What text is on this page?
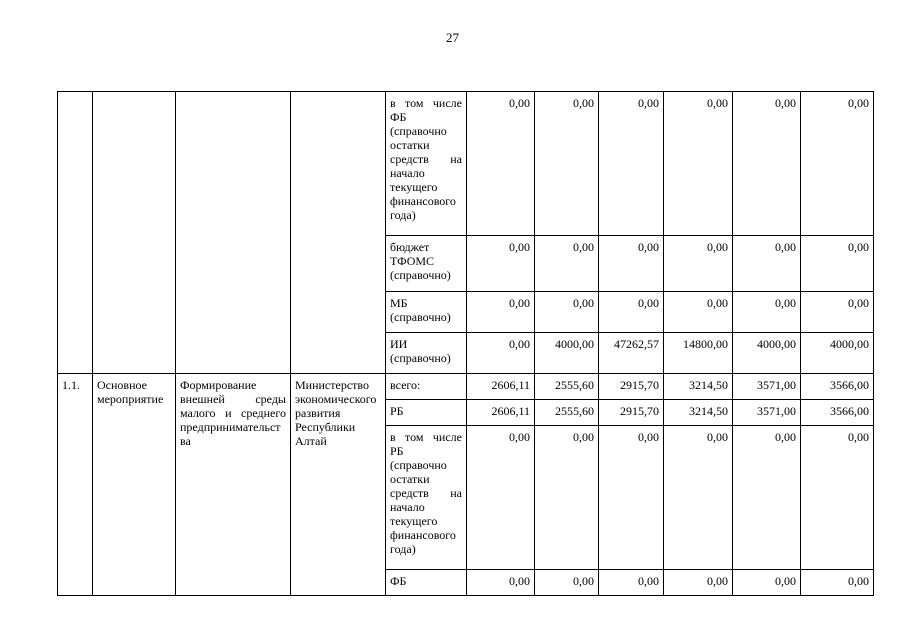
27
				в том числе ФБ (справочно остатки средств на начало текущего финансового года)	0,00	0,00	0,00	0,00	0,00	0,00
				бюджет ТФОМС (справочно)	0,00	0,00	0,00	0,00	0,00	0,00
				МБ (справочно)	0,00	0,00	0,00	0,00	0,00	0,00
				ИИ (справочно)	0,00	4000,00	47262,57	14800,00	4000,00	4000,00
1.1.	Основное мероприятие	Формирование внешней среды малого и среднего предпринимательства	Министерство экономического развития Республики Алтай	всего:	2606,11	2555,60	2915,70	3214,50	3571,00	3566,00
				РБ	2606,11	2555,60	2915,70	3214,50	3571,00	3566,00
				в том числе РБ (справочно остатки средств на начало текущего финансового года)	0,00	0,00	0,00	0,00	0,00	0,00
				ФБ	0,00	0,00	0,00	0,00	0,00	0,00
